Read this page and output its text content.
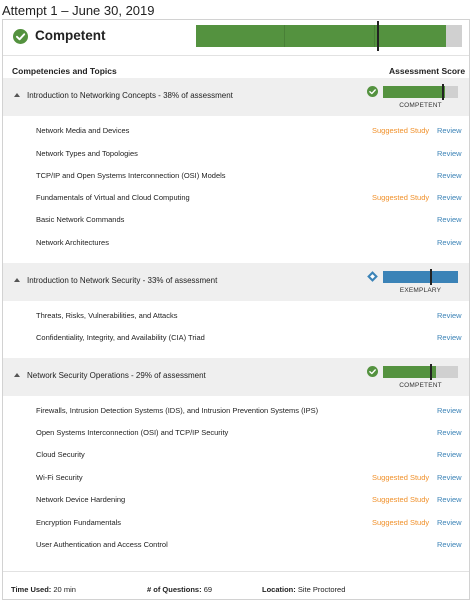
Attempt 1 – June 30, 2019
Competent
Competencies and Topics	Assessment Score
Introduction to Networking Concepts - 38% of assessment
COMPETENT
Network Media and Devices	Suggested Study Review
Network Types and Topologies	Review
TCP/IP and Open Systems Interconnection (OSI) Models	Review
Fundamentals of Virtual and Cloud Computing	Suggested Study Review
Basic Network Commands	Review
Network Architectures	Review
Introduction to Network Security - 33% of assessment
EXEMPLARY
Threats, Risks, Vulnerabilities, and Attacks	Review
Confidentiality, Integrity, and Availability (CIA) Triad	Review
Network Security Operations - 29% of assessment
COMPETENT
Firewalls, Intrusion Detection Systems (IDS), and Intrusion Prevention Systems (IPS)	Review
Open Systems Interconnection (OSI) and TCP/IP Security	Review
Cloud Security	Review
Wi-Fi Security	Suggested Study Review
Network Device Hardening	Suggested Study Review
Encryption Fundamentals	Suggested Study Review
User Authentication and Access Control	Review
Time Used: 20 min	# of Questions: 69	Location: Site Proctored
